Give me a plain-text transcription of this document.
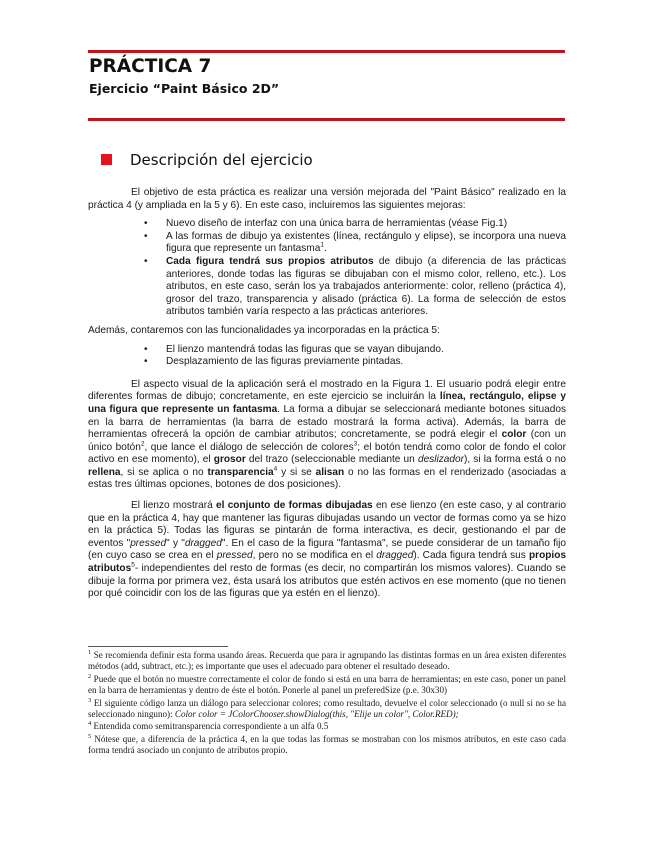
PRÁCTICA 7
Ejercicio “Paint Básico 2D”
Descripción del ejercicio

El objetivo de esta práctica es realizar una versión mejorada del "Paint Básico" realizado en la práctica 4 (y ampliada en la 5 y 6). En este caso, incluiremos las siguientes mejoras:

• Nuevo diseño de interfaz con una única barra de herramientas (véase Fig.1)
• A las formas de dibujo ya existentes (línea, rectángulo y elipse), se incorpora una nueva figura que represente un fantasma$^1$.
• Cada figura tendrá sus propios atributos de dibujo (a diferencia de las prácticas anteriores, donde todas las figuras se dibujaban con el mismo color, relleno, etc.). Los atributos, en este caso, serán los ya trabajados anteriormente: color, relleno (práctica 4), grosor del trazo, transparencia y alisado (práctica 6). La forma de selección de estos atributos también varía respecto a las prácticas anteriores.

Además, contaremos con las funcionalidades ya incorporadas en la práctica 5:

• El lienzo mantendrá todas las figuras que se vayan dibujando.
• Desplazamiento de las figuras previamente pintadas.

El aspecto visual de la aplicación será el mostrado en la Figura 1. El usuario podrá elegir entre diferentes formas de dibujo; concretamente, en este ejercicio se incluirán la línea, rectángulo, elipse y una figura que represente un fantasma. La forma a dibujar se seleccionará mediante botones situados en la barra de herramientas (la barra de estado mostrará la forma activa). Además, la barra de herramientas ofrecerá la opción de cambiar atributos; concretamente, se podrá elegir el color (con un único botón$^2$, que lance el diálogo de selección de colores$^3$; el botón tendrá como color de fondo el color activo en ese momento), el grosor del trazo (seleccionable mediante un deslizador), si la forma está o no rellena, si se aplica o no transparencia$^4$ y si se alisan o no las formas en el renderizado (asociadas a estas tres últimas opciones, botones de dos posiciones).

El lienzo mostrará el conjunto de formas dibujadas en ese lienzo (en este caso, y al contrario que en la práctica 4, hay que mantener las figuras dibujadas usando un vector de formas como ya se hizo en la práctica 5). Todas las figuras se pintarán de forma interactiva, es decir, gestionando el par de eventos "pressed" y "dragged". En el caso de la figura "fantasma", se puede considerar de un tamaño fijo (en cuyo caso se crea en el pressed, pero no se modifica en el dragged). Cada figura tendrá sus propios atributos$^5$- independientes del resto de formas (es decir, no compartirán los mismos valores). Cuando se dibuje la forma por primera vez, ésta usará los atributos que estén activos en ese momento (que no tienen por qué coincidir con los de las figuras que ya estén en el lienzo).

$^1$ Se recomienda definir esta forma usando áreas. Recuerda que para ir agrupando las distintas formas en un área existen diferentes métodos (add, subtract, etc.); es importante que uses el adecuado para obtener el resultado deseado.

$^2$ Puede que el botón no muestre correctamente el color de fondo si está en una barra de herramientas; en este caso, poner un panel en la barra de herramientas y dentro de éste el botón. Ponerle al panel un preferedSize (p.e. 30x30)

$^3$ El siguiente código lanza un diálogo para seleccionar colores; como resultado, devuelve el color seleccionado (o null si no se ha seleccionado ninguno): Color color = JColorChooser.showDialog(this, "Elije un color", Color.RED);

$^4$ Entendida como semitransparencia correspondiente a un alfa 0.5

$^5$ Nótese que, a diferencia de la práctica 4, en la que todas las formas se mostraban con los mismos atributos, en este caso cada forma tendrá asociado un conjunto de atributos propio.
